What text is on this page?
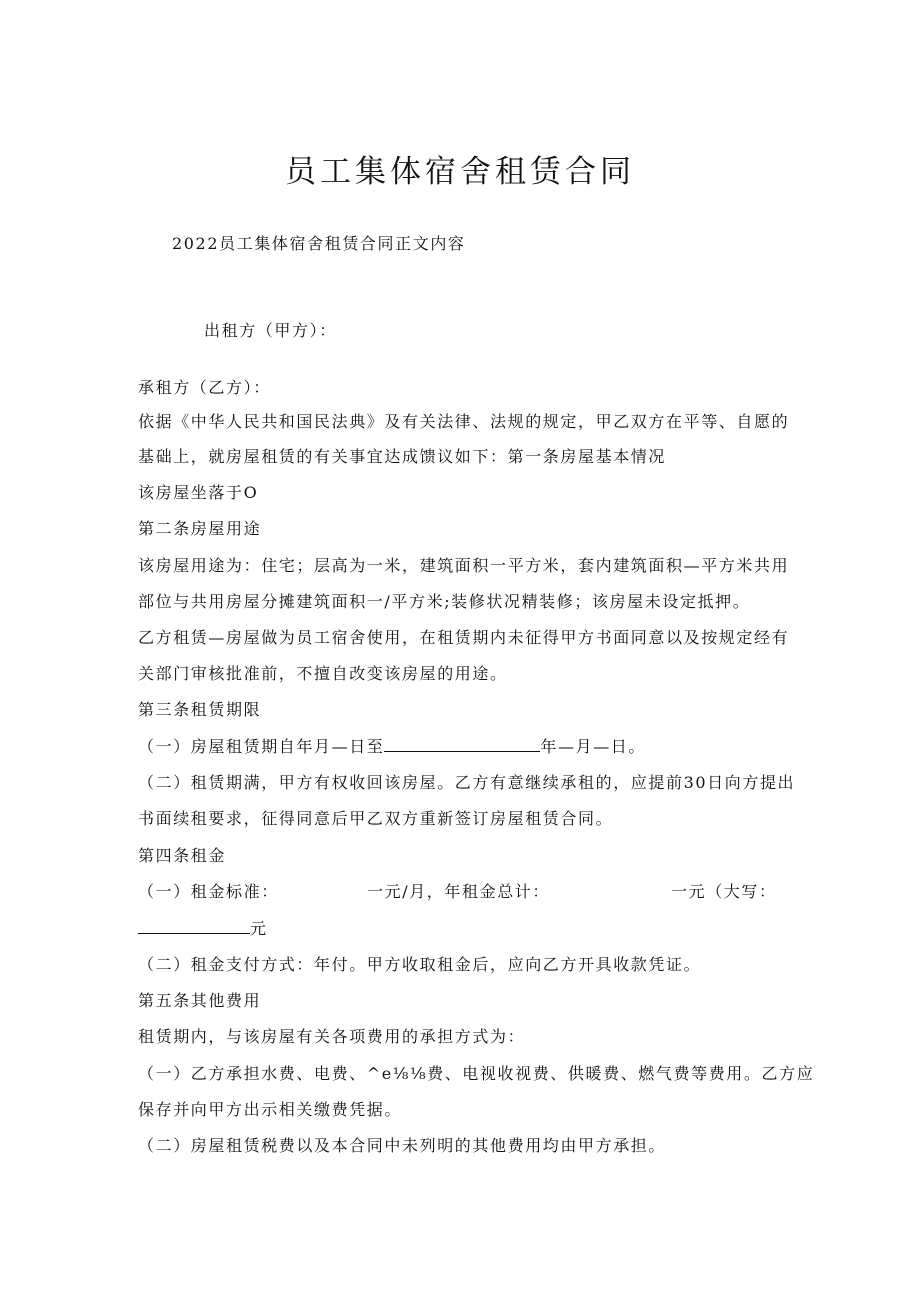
员工集体宿舍租赁合同
2022员工集体宿舍租赁合同正文内容
出租方（甲方）：
承租方（乙方）：
依据《中华人民共和国民法典》及有关法律、法规的规定，甲乙双方在平等、自愿的
基础上，就房屋租赁的有关事宜达成馈议如下：第一条房屋基本情况
该房屋坐落于O
第二条房屋用途
该房屋用途为：住宅；层高为一米，建筑面积一平方米，套内建筑面积—平方米共用
部位与共用房屋分摊建筑面积一/平方米;装修状况精装修；该房屋未设定抵押。
乙方租赁—房屋做为员工宿舍使用，在租赁期内未征得甲方书面同意以及按规定经有
关部门审核批准前，不擅自改变该房屋的用途。
第三条租赁期限
（一）房屋租赁期自年月—日至	年—月—日。
（二）租赁期满，甲方有权收回该房屋。乙方有意继续承租的，应提前30日向方提出
书面续租要求，征得同意后甲乙双方重新签订房屋租赁合同。
第四条租金
（一）租金标准：	一元/月，年租金总计：	一元（大写：
元
（二）租金支付方式：年付。甲方收取租金后，应向乙方开具收款凭证。
第五条其他费用
租赁期内，与该房屋有关各项费用的承担方式为：
（一）乙方承担水费、电费、^e⅛⅛费、电视收视费、供暖费、燃气费等费用。乙方应
保存并向甲方出示相关缴费凭据。
（二）房屋租赁税费以及本合同中未列明的其他费用均由甲方承担。
